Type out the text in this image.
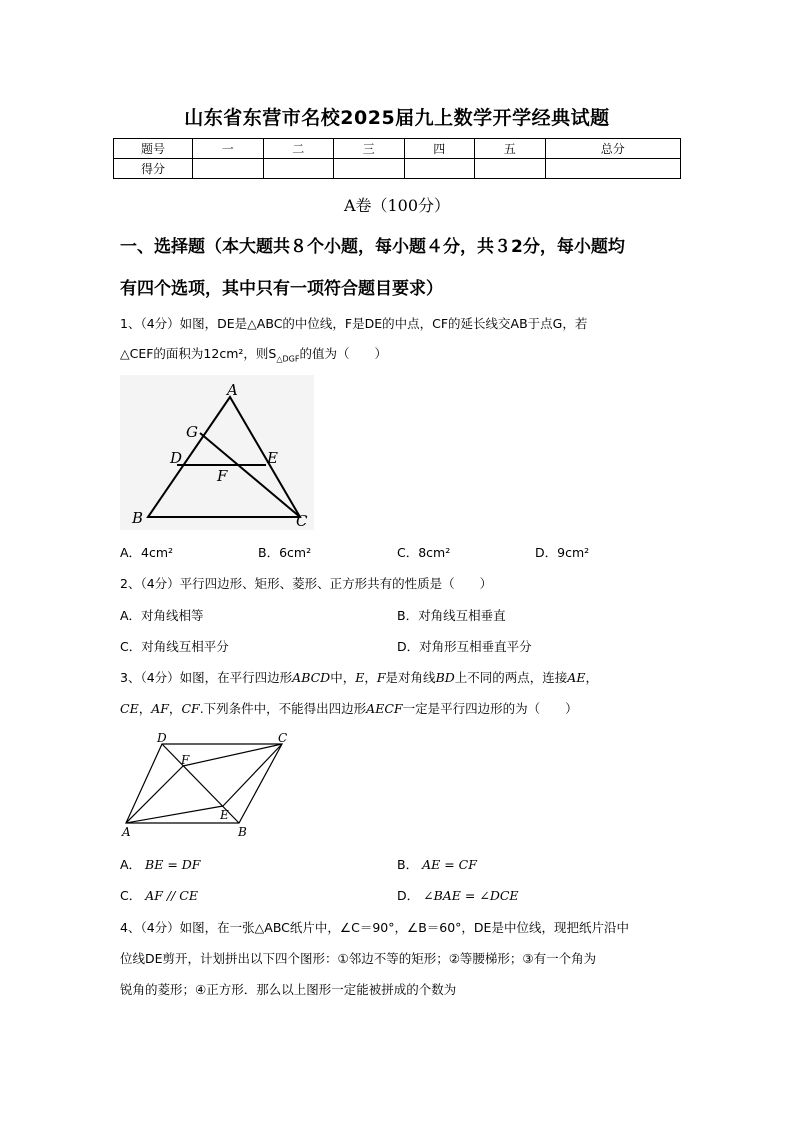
山东省东营市名校2025届九上数学开学经典试题
题号	一	二	三	四	五	总分
得分						
A卷（100分）
一、选择题（本大题共８个小题，每小题４分，共３2分，每小题均
有四个选项，其中只有一项符合题目要求）
1、（4分）如图，DE是△ABC的中位线，F是DE的中点，CF的延长线交AB于点G，若
△CEF的面积为12cm²，则$S_{\triangle DGF}$的值为（　　）
A
G
D	E
F
B	C
A．4cm²	B．6cm²	C．8cm²	D．9cm²
2、（4分）平行四边形、矩形、菱形、正方形共有的性质是（　　）
A．对角线相等	B．对角线互相垂直
C．对角线互相平分	D．对角形互相垂直平分
3、（4分）如图，在平行四边形ABCD中，E，F是对角线BD上不同的两点，连接AE，
CE，AF，CF.下列条件中，不能得出四边形AECF一定是平行四边形的为（　　）
D	C
F
E
A	B
A． BE = DF	B． AE = CF
C． AF // CE	D． ∠BAE = ∠DCE
4、（4分）如图，在一张△ABC纸片中，∠C＝90°，∠B＝60°，DE是中位线，现把纸片沿中
位线DE剪开，计划拼出以下四个图形：①邻边不等的矩形；②等腰梯形；③有一个角为
锐角的菱形；④正方形．那么以上图形一定能被拼成的个数为
